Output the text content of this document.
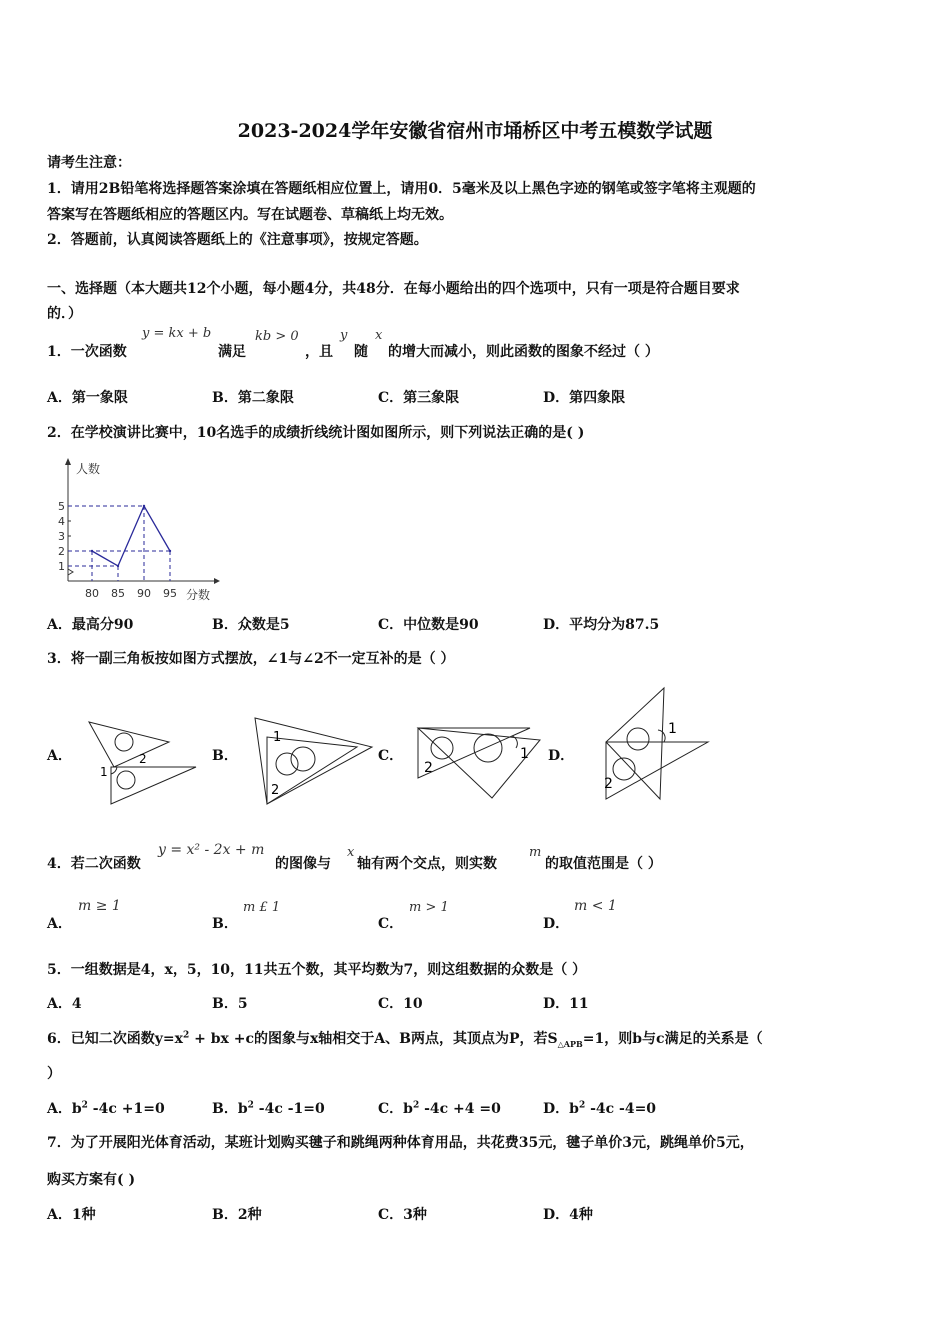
2023-2024学年安徽省宿州市埇桥区中考五模数学试题
请考生注意：
1．请用2B铅笔将选择题答案涂填在答题纸相应位置上，请用0．5毫米及以上黑色字迹的钢笔或签字笔将主观题的
答案写在答题纸相应的答题区内。写在试题卷、草稿纸上均无效。
2．答题前，认真阅读答题纸上的《注意事项》，按规定答题。
一、选择题（本大题共12个小题，每小题4分，共48分．在每小题给出的四个选项中，只有一项是符合题目要求
的．）
1．一次函数
y = kx + b
满足
kb > 0
，且
y
随
x
的增大而减小，则此函数的图象不经过（ ）
A．第一象限	B．第二象限	C．第三象限	D．第四象限
2．在学校演讲比赛中，10名选手的成绩折线统计图如图所示，则下列说法正确的是( )
1
2
3
4
5
80 85 90 95
人数
分数
A．最高分90	B．众数是5	C．中位数是90	D．平均分为87.5
3．将一副三角板按如图方式摆放，∠1与∠2不一定互补的是（ ）
A．
1
2	B．
1
2
C．	1
2
D．
1
2
4．若二次函数
y = x² - 2x + m
的图像与
x
轴有两个交点，则实数
m
的取值范围是（ ）
A．
m ≥ 1
B．
m £ 1
C．
m > 1
D．
m < 1
5．一组数据是4，x，5，10，11共五个数，其平均数为7，则这组数据的众数是（ ）
A．4	B．5	C．10	D．11
6．已知二次函数$y=x^2$ + bx +c的图象与x轴相交于A、B两点，其顶点为P，若$S_{\triangle APB}=1$，则b与c满足的关系是（
）
A．$b^2$ -4c +1=0	B．$b^2$ -4c -1=0	C．$b^2$ -4c +4 =0	D．$b^2$ -4c -4=0
7．为了开展阳光体育活动，某班计划购买毽子和跳绳两种体育用品，共花费35元，毽子单价3元，跳绳单价5元，
购买方案有( )
A．1种	B．2种	C．3种	D．4种
